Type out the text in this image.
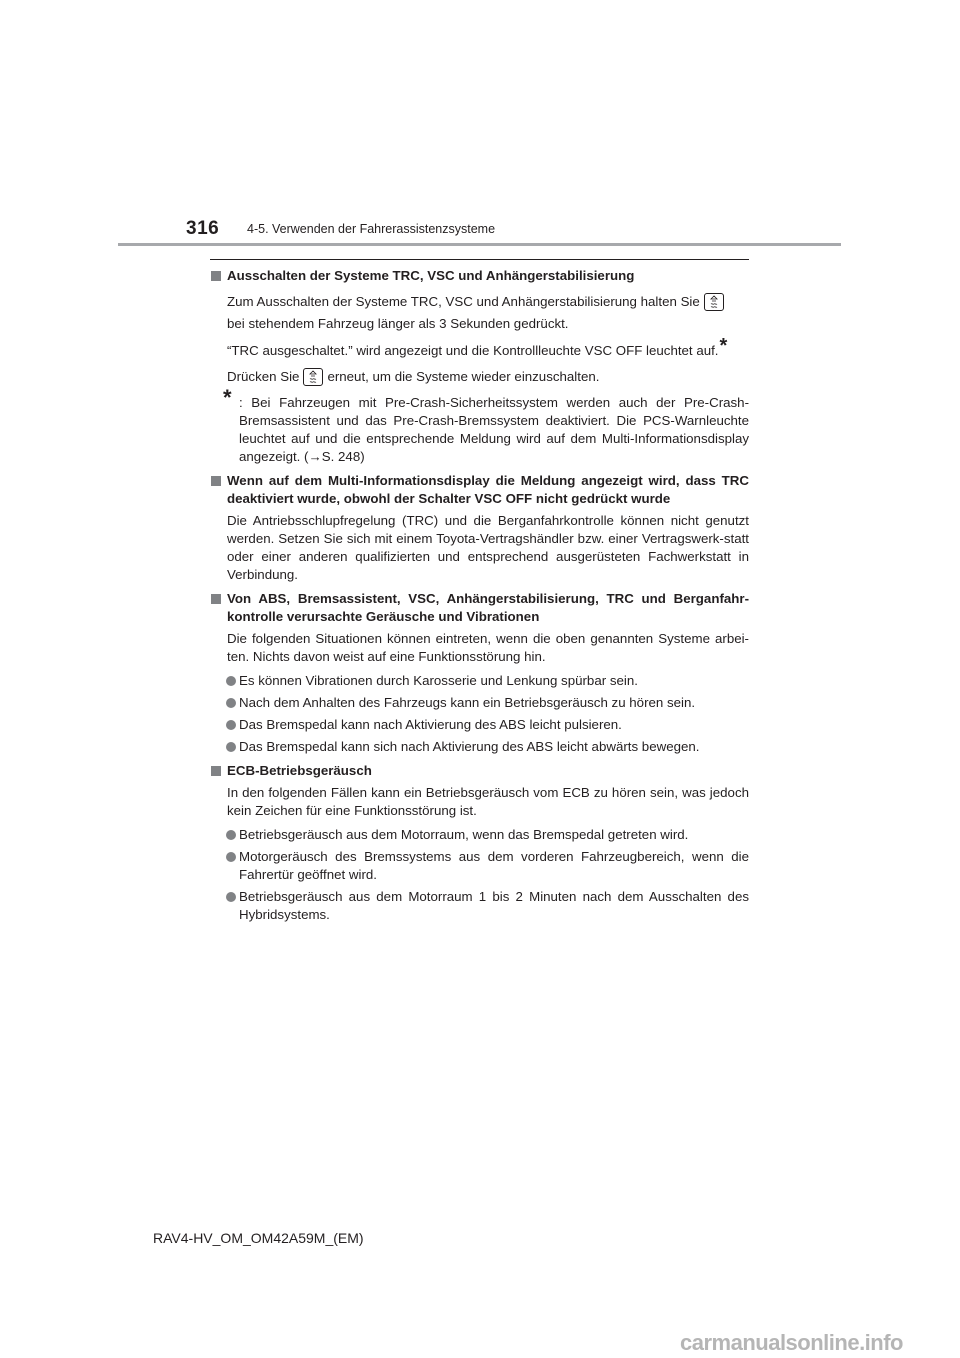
316 4-5. Verwenden der Fahrerassistenzsysteme

Ausschalten der Systeme TRC, VSC und Anhängerstabilisierung

Zum Ausschalten der Systeme TRC, VSC und Anhängerstabilisierung halten Sie

bei stehendem Fahrzeug länger als 3 Sekunden gedrückt.

“TRC ausgeschaltet.” wird angezeigt und die Kontrollleuchte VSC OFF leuchtet auf.*

Drücken Sie erneut, um die Systeme wieder einzuschalten.

* : Bei Fahrzeugen mit Pre-Crash-Sicherheitssystem werden auch der Pre-Crash-Bremsassistent und das Pre-Crash-Bremssystem deaktiviert. Die PCS-Warnleuchte leuchtet auf und die entsprechende Meldung wird auf dem Multi-Informationsdisplay angezeigt. (→S. 248)

Wenn auf dem Multi-Informationsdisplay die Meldung angezeigt wird, dass TRC deaktiviert wurde, obwohl der Schalter VSC OFF nicht gedrückt wurde

Die Antriebsschlupfregelung (TRC) und die Berganfahrkontrolle können nicht genutzt werden. Setzen Sie sich mit einem Toyota-Vertragshändler bzw. einer Vertragswerk-statt oder einer anderen qualifizierten und entsprechend ausgerüsteten Fachwerkstatt in Verbindung.

Von ABS, Bremsassistent, VSC, Anhängerstabilisierung, TRC und Berganfahr-kontrolle verursachte Geräusche und Vibrationen

Die folgenden Situationen können eintreten, wenn die oben genannten Systeme arbei-ten. Nichts davon weist auf eine Funktionsstörung hin.

Es können Vibrationen durch Karosserie und Lenkung spürbar sein.

Nach dem Anhalten des Fahrzeugs kann ein Betriebsgeräusch zu hören sein.

Das Bremspedal kann nach Aktivierung des ABS leicht pulsieren.

Das Bremspedal kann sich nach Aktivierung des ABS leicht abwärts bewegen.

ECB-Betriebsgeräusch

In den folgenden Fällen kann ein Betriebsgeräusch vom ECB zu hören sein, was jedoch kein Zeichen für eine Funktionsstörung ist.

Betriebsgeräusch aus dem Motorraum, wenn das Bremspedal getreten wird.

Motorgeräusch des Bremssystems aus dem vorderen Fahrzeugbereich, wenn die Fahrertür geöffnet wird.

Betriebsgeräusch aus dem Motorraum 1 bis 2 Minuten nach dem Ausschalten des Hybridsystems.

RAV4-HV_OM_OM42A59M_(EM)
carmanualsonline.info
